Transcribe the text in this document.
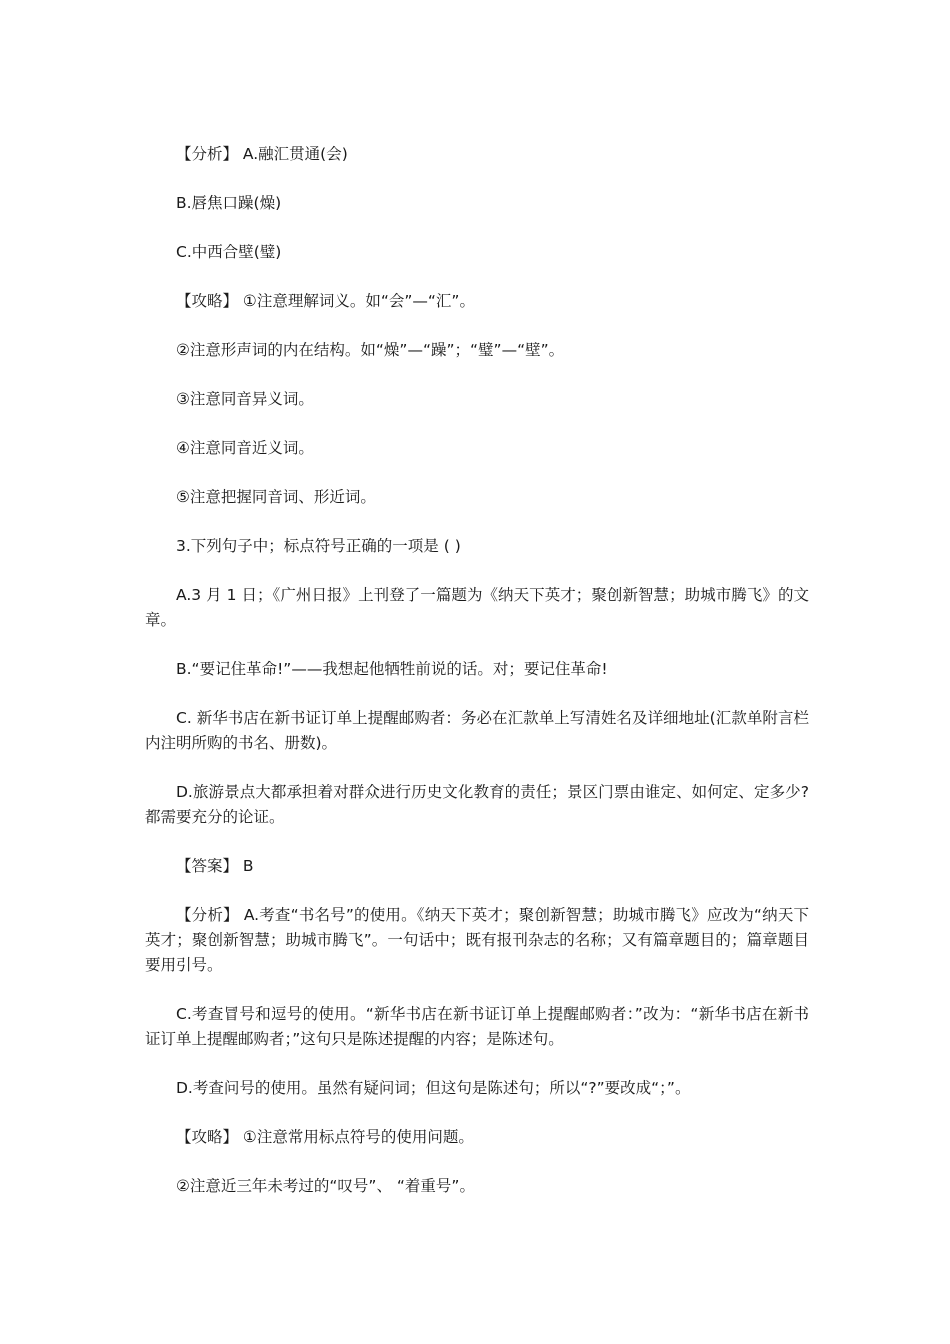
【分析】 A.融汇贯通(会)

B.唇焦口躁(燥)

C.中西合壁(璧)

【攻略】 ①注意理解词义。如“会”—“汇”。

②注意形声词的内在结构。如“燥”—“躁”；“璧”—“壁”。

③注意同音异义词。

④注意同音近义词。

⑤注意把握同音词、形近词。

3.下列句子中；标点符号正确的一项是 ( )

A.3 月 1 日；《广州日报》上刊登了一篇题为《纳天下英才；聚创新智慧；助城市腾飞》的文章。

B.“要记住革命!”——我想起他牺牲前说的话。对；要记住革命!

C. 新华书店在新书证订单上提醒邮购者：务必在汇款单上写清姓名及详细地址(汇款单附言栏内注明所购的书名、册数)。

D.旅游景点大都承担着对群众进行历史文化教育的责任；景区门票由谁定、如何定、定多少?都需要充分的论证。

【答案】 B

【分析】 A.考查“书名号”的使用。《纳天下英才；聚创新智慧；助城市腾飞》应改为“纳天下英才；聚创新智慧；助城市腾飞”。一句话中；既有报刊杂志的名称；又有篇章题目的；篇章题目要用引号。

C.考查冒号和逗号的使用。“新华书店在新书证订单上提醒邮购者：”改为：“新华书店在新书证订单上提醒邮购者；”这句只是陈述提醒的内容；是陈述句。

D.考查问号的使用。虽然有疑问词；但这句是陈述句；所以“?”要改成“；”。

【攻略】 ①注意常用标点符号的使用问题。

②注意近三年未考过的“叹号”、 “着重号”。
